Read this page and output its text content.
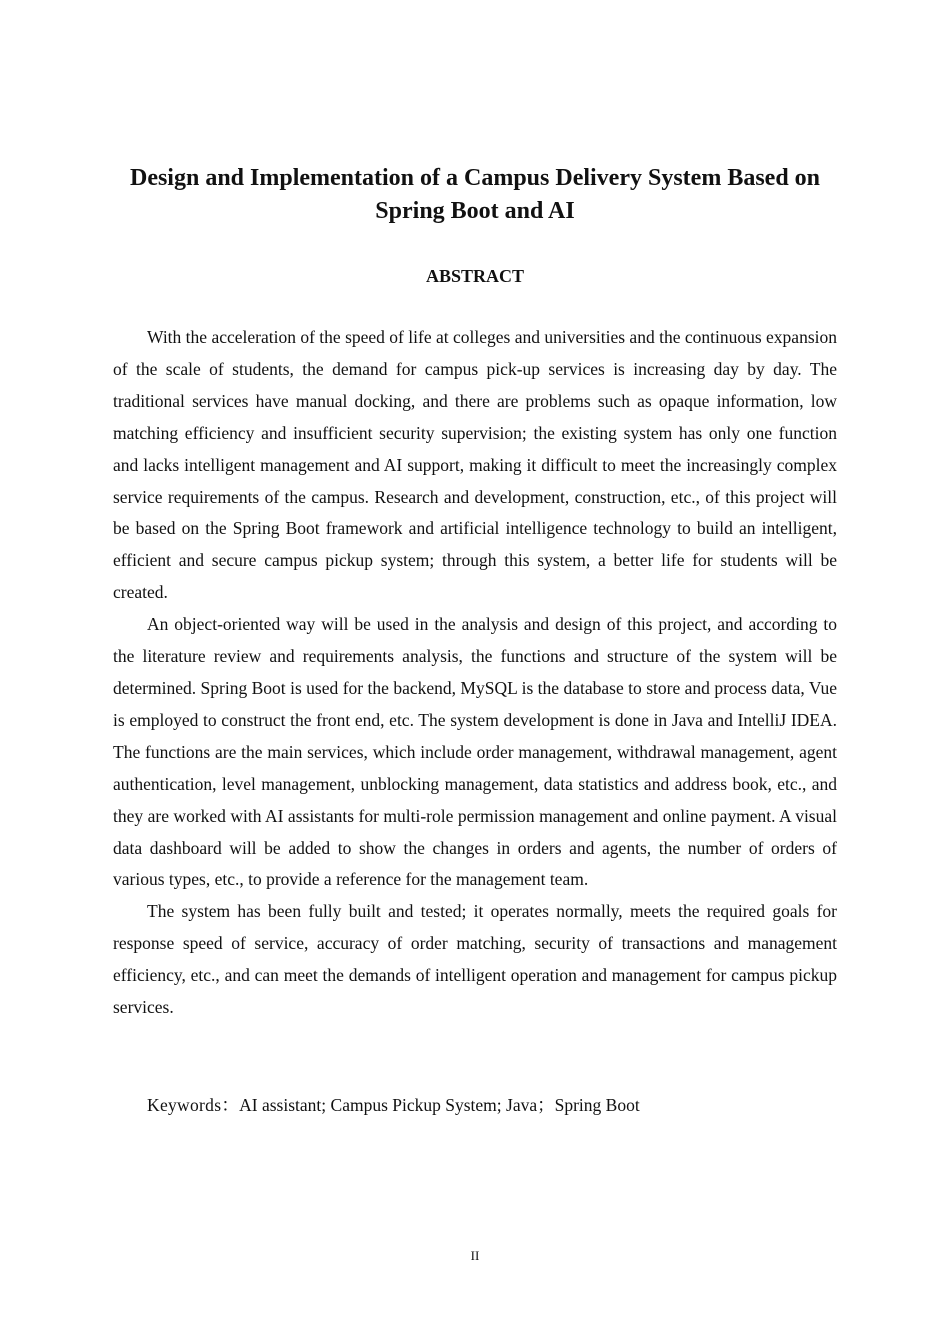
Design and Implementation of a Campus Delivery System Based on Spring Boot and AI
ABSTRACT

With the acceleration of the speed of life at colleges and universities and the continuous expansion of the scale of students, the demand for campus pick-up services is increasing day by day. The traditional services have manual docking, and there are problems such as opaque information, low matching efficiency and insufficient security supervision; the existing system has only one function and lacks intelligent management and AI support, making it difficult to meet the increasingly complex service requirements of the campus. Research and development, construction, etc., of this project will be based on the Spring Boot framework and artificial intelligence technology to build an intelligent, efficient and secure campus pickup system; through this system, a better life for students will be created.

An object-oriented way will be used in the analysis and design of this project, and according to the literature review and requirements analysis, the functions and structure of the system will be determined. Spring Boot is used for the backend, MySQL is the database to store and process data, Vue is employed to construct the front end, etc. The system development is done in Java and IntelliJ IDEA. The functions are the main services, which include order management, withdrawal management, agent authentication, level management, unblocking management, data statistics and address book, etc., and they are worked with AI assistants for multi-role permission management and online payment. A visual data dashboard will be added to show the changes in orders and agents, the number of orders of various types, etc., to provide a reference for the management team.

The system has been fully built and tested; it operates normally, meets the required goals for response speed of service, accuracy of order matching, security of transactions and management efficiency, etc., and can meet the demands of intelligent operation and management for campus pickup services.

Keywords：AI assistant; Campus Pickup System; Java；Spring Boot

II
